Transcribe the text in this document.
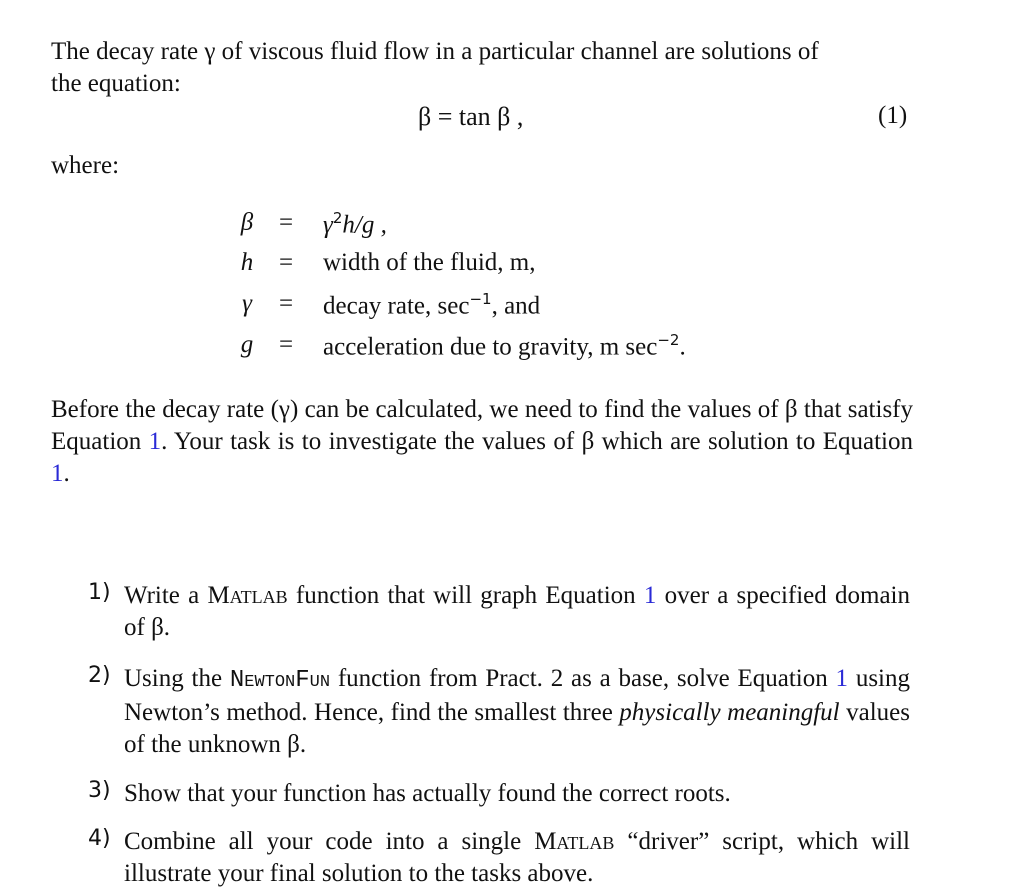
The decay rate γ of viscous fluid flow in a particular channel are solutions of
the equation:
β = tan β ,	(1)
where:
β	= $\gamma^2h/g$ ,
h	= width of the fluid, m,
γ	= decay rate, $\sec^{-1}$, and
g	= acceleration due to gravity, m $\sec^{-2}$.
Before the decay rate (γ) can be calculated, we need to find the values of β that satisfy Equation 1. Your task is to investigate the values of β which are solution to Equation 1.
1) Write a Matlab function that will graph Equation 1 over a specified domain of β.
2) Using the NewtonFun function from Pract. 2 as a base, solve Equation 1 using Newton’s method. Hence, find the smallest three physically meaningful values of the unknown β.
3) Show that your function has actually found the correct roots.
4) Combine all your code into a single Matlab “driver” script, which will illustrate your final solution to the tasks above.
